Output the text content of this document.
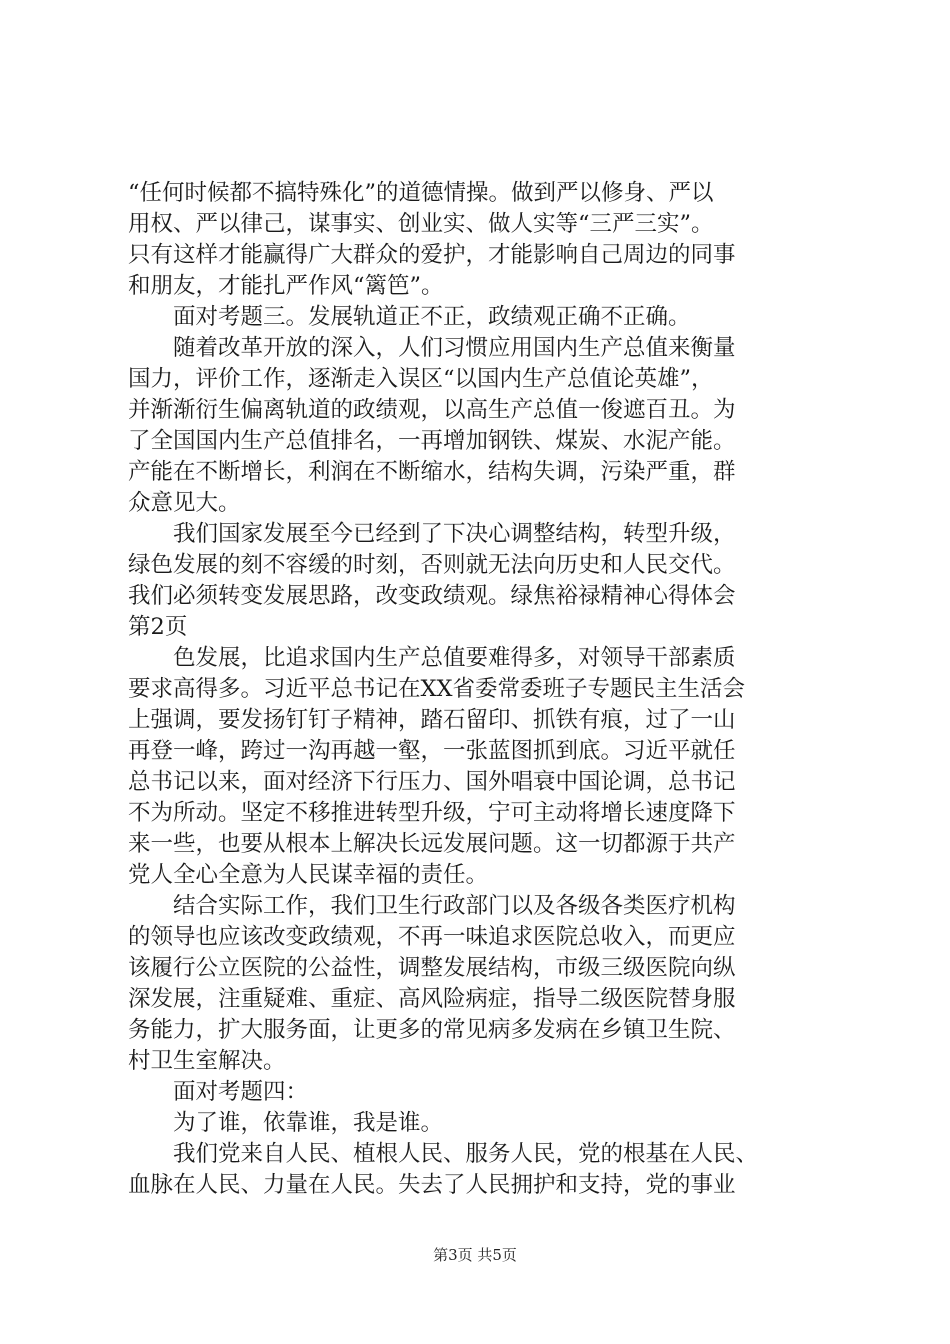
“任何时候都不搞特殊化”的道德情操。做到严以修身、严以
用权、严以律己，谋事实、创业实、做人实等“三严三实”。
只有这样才能赢得广大群众的爱护，才能影响自己周边的同事
和朋友，才能扎严作风“篱笆”。
　　面对考题三。发展轨道正不正，政绩观正确不正确。
　　随着改革开放的深入，人们习惯应用国内生产总值来衡量
国力，评价工作，逐渐走入误区“以国内生产总值论英雄”，
并渐渐衍生偏离轨道的政绩观，以高生产总值一俊遮百丑。为
了全国国内生产总值排名，一再增加钢铁、煤炭、水泥产能。
产能在不断增长，利润在不断缩水，结构失调，污染严重，群
众意见大。
　　我们国家发展至今已经到了下决心调整结构，转型升级，
绿色发展的刻不容缓的时刻，否则就无法向历史和人民交代。
我们必须转变发展思路，改变政绩观。绿焦裕禄精神心得体会
第2页
　　色发展，比追求国内生产总值要难得多，对领导干部素质
要求高得多。习近平总书记在XX省委常委班子专题民主生活会
上强调，要发扬钉钉子精神，踏石留印、抓铁有痕，过了一山
再登一峰，跨过一沟再越一壑，一张蓝图抓到底。习近平就任
总书记以来，面对经济下行压力、国外唱衰中国论调，总书记
不为所动。坚定不移推进转型升级，宁可主动将增长速度降下
来一些，也要从根本上解决长远发展问题。这一切都源于共产
党人全心全意为人民谋幸福的责任。
　　结合实际工作，我们卫生行政部门以及各级各类医疗机构
的领导也应该改变政绩观，不再一味追求医院总收入，而更应
该履行公立医院的公益性，调整发展结构，市级三级医院向纵
深发展，注重疑难、重症、高风险病症，指导二级医院替身服
务能力，扩大服务面，让更多的常见病多发病在乡镇卫生院、
村卫生室解决。
　　面对考题四：
　　为了谁，依靠谁，我是谁。
　　我们党来自人民、植根人民、服务人民，党的根基在人民、
血脉在人民、力量在人民。失去了人民拥护和支持，党的事业
第3页 共5页
